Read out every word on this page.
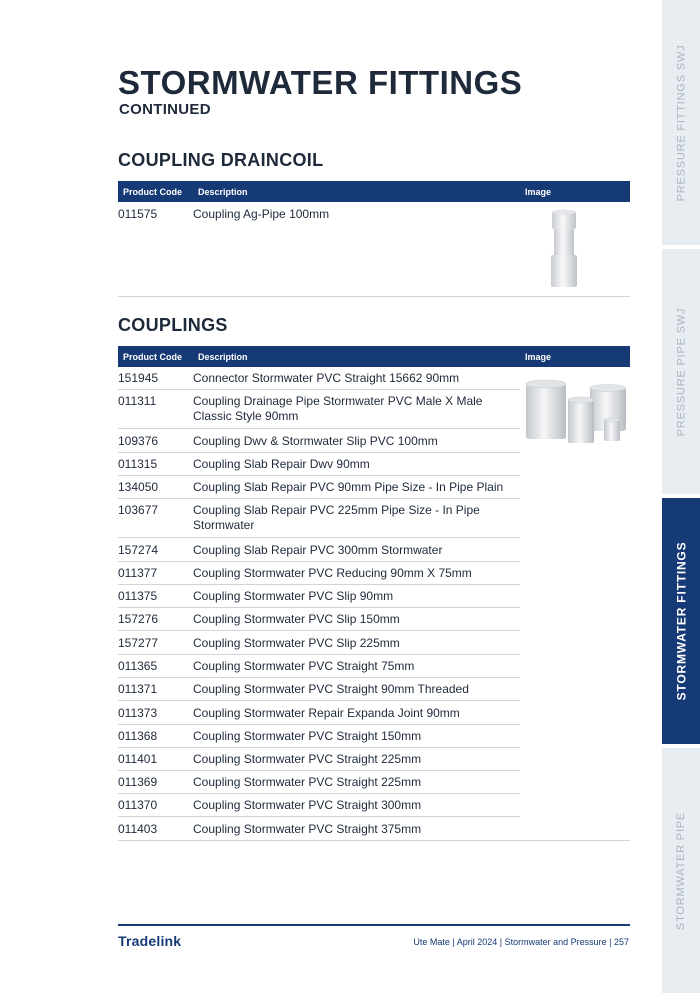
PRESSURE FITTINGS SWJ
PRESSURE PIPE SWJ
STORMWATER FITTINGS
STORMWATER PIPE
STORMWATER FITTINGS
CONTINUED
COUPLING DRAINCOIL
Product Code Description	Image
011575	Coupling Ag-Pipe 100mm
COUPLINGS
Product Code Description	Image
151945	Connector Stormwater PVC Straight 15662 90mm
011311	Coupling Drainage Pipe Stormwater PVC Male X Male Classic Style 90mm
109376	Coupling Dwv & Stormwater Slip PVC 100mm
011315	Coupling Slab Repair Dwv 90mm
134050	Coupling Slab Repair PVC 90mm Pipe Size - In Pipe Plain
103677	Coupling Slab Repair PVC 225mm Pipe Size - In Pipe Stormwater
157274	Coupling Slab Repair PVC 300mm Stormwater
011377	Coupling Stormwater PVC Reducing 90mm X 75mm
011375	Coupling Stormwater PVC Slip 90mm
157276	Coupling Stormwater PVC Slip 150mm
157277	Coupling Stormwater PVC Slip 225mm
011365	Coupling Stormwater PVC Straight 75mm
011371	Coupling Stormwater PVC Straight 90mm Threaded
011373	Coupling Stormwater Repair Expanda Joint 90mm
011368	Coupling Stormwater PVC Straight 150mm
011401	Coupling Stormwater PVC Straight 225mm
011369	Coupling Stormwater PVC Straight 225mm
011370	Coupling Stormwater PVC Straight 300mm
011403	Coupling Stormwater PVC Straight 375mm
Tradelink	Ute Mate | April 2024 | Stormwater and Pressure | 257
